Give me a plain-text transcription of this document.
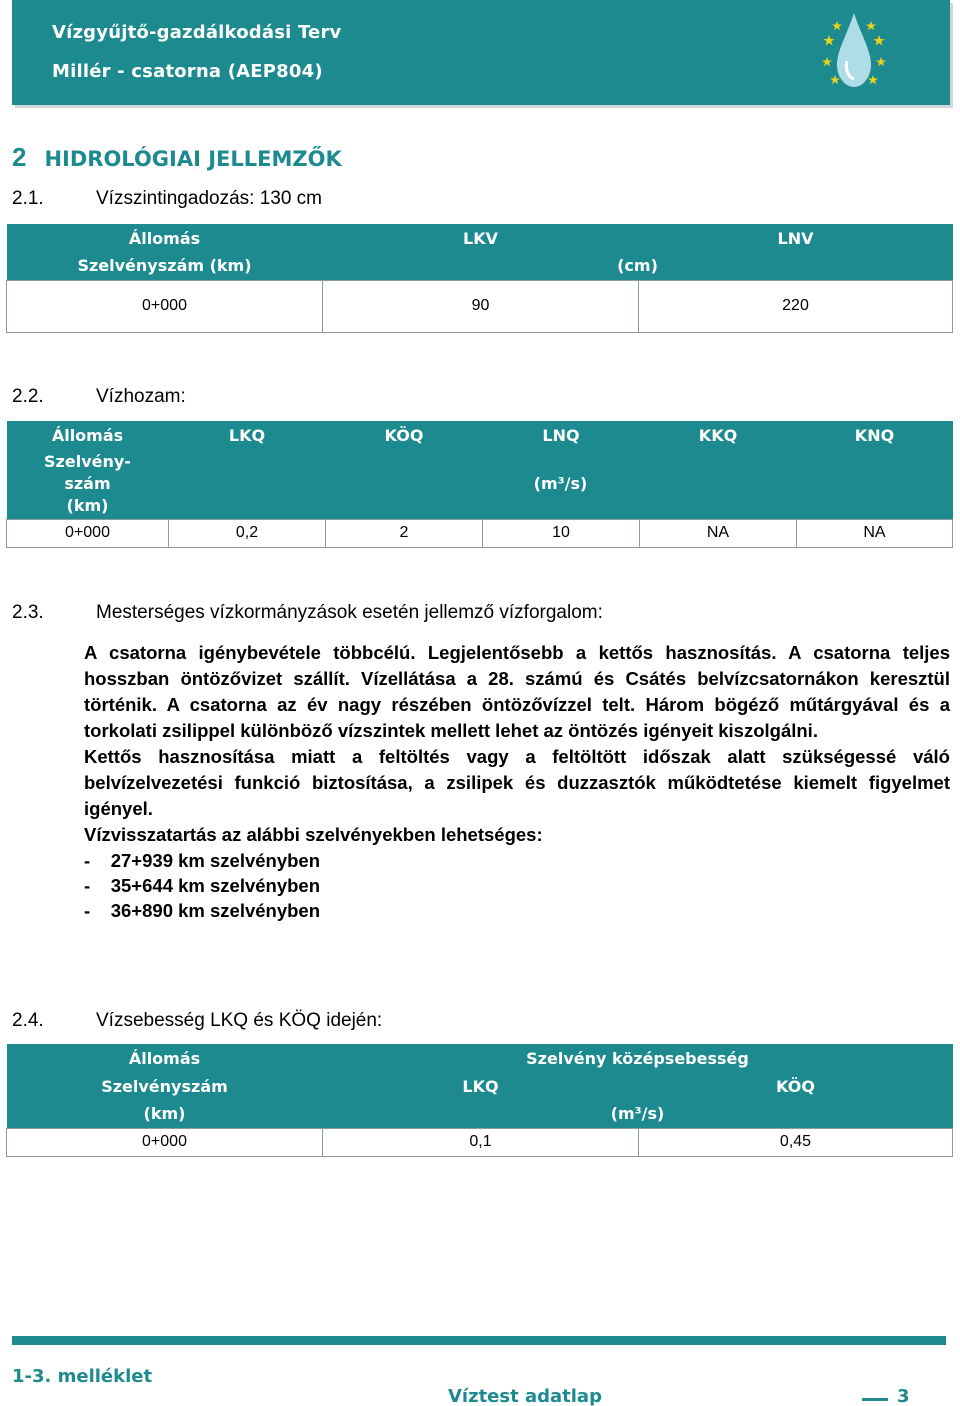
Vízgyűjtő-gazdálkodási Terv
Millér - csatorna (AEP804)
2 HIDROLÓGIAI JELLEMZŐK
2.1.	Vízszintingadozás: 130 cm
Állomás	LKV	LNV
Szelvényszám (km)	(cm)	
0+000	90	220
2.2.	Vízhozam:
Állomás	LKQ	KÖQ	LNQ	KKQ	KNQ
Szelvény-
szám
(km)	(m³/s)				
0+000	0,2	2	10	NA	NA
2.3.	Mesterséges vízkormányzások esetén jellemző vízforgalom:

A csatorna igénybevétele többcélú. Legjelentősebb a kettős hasznosítás. A csatorna teljes hosszban öntözővizet szállít. Vízellátása a 28. számú és Csátés belvízcsatornákon keresztül történik. A csatorna az év nagy részében öntözővízzel telt. Három bögéző műtárgyával és a torkolati zsilippel különböző vízszintek mellett lehet az öntözés igényeit kiszolgálni.

Kettős hasznosítása miatt a feltöltés vagy a feltöltött időszak alatt szükségessé váló belvízelvezetési funkció biztosítása, a zsilipek és duzzasztók működtetése kiemelt figyelmet igényel.

Vízvisszatartás az alábbi szelvényekben lehetséges:

-    27+939 km szelvényben
-    35+644 km szelvényben
-    36+890 km szelvényben
2.4.	Vízsebesség LKQ és KÖQ idején:
Állomás	Szelvény középsebesség	
Szelvényszám	LKQ	KÖQ
(km)	(m³/s)	
0+000	0,1	0,45
1-3. melléklet
Víztest adatlap	3
